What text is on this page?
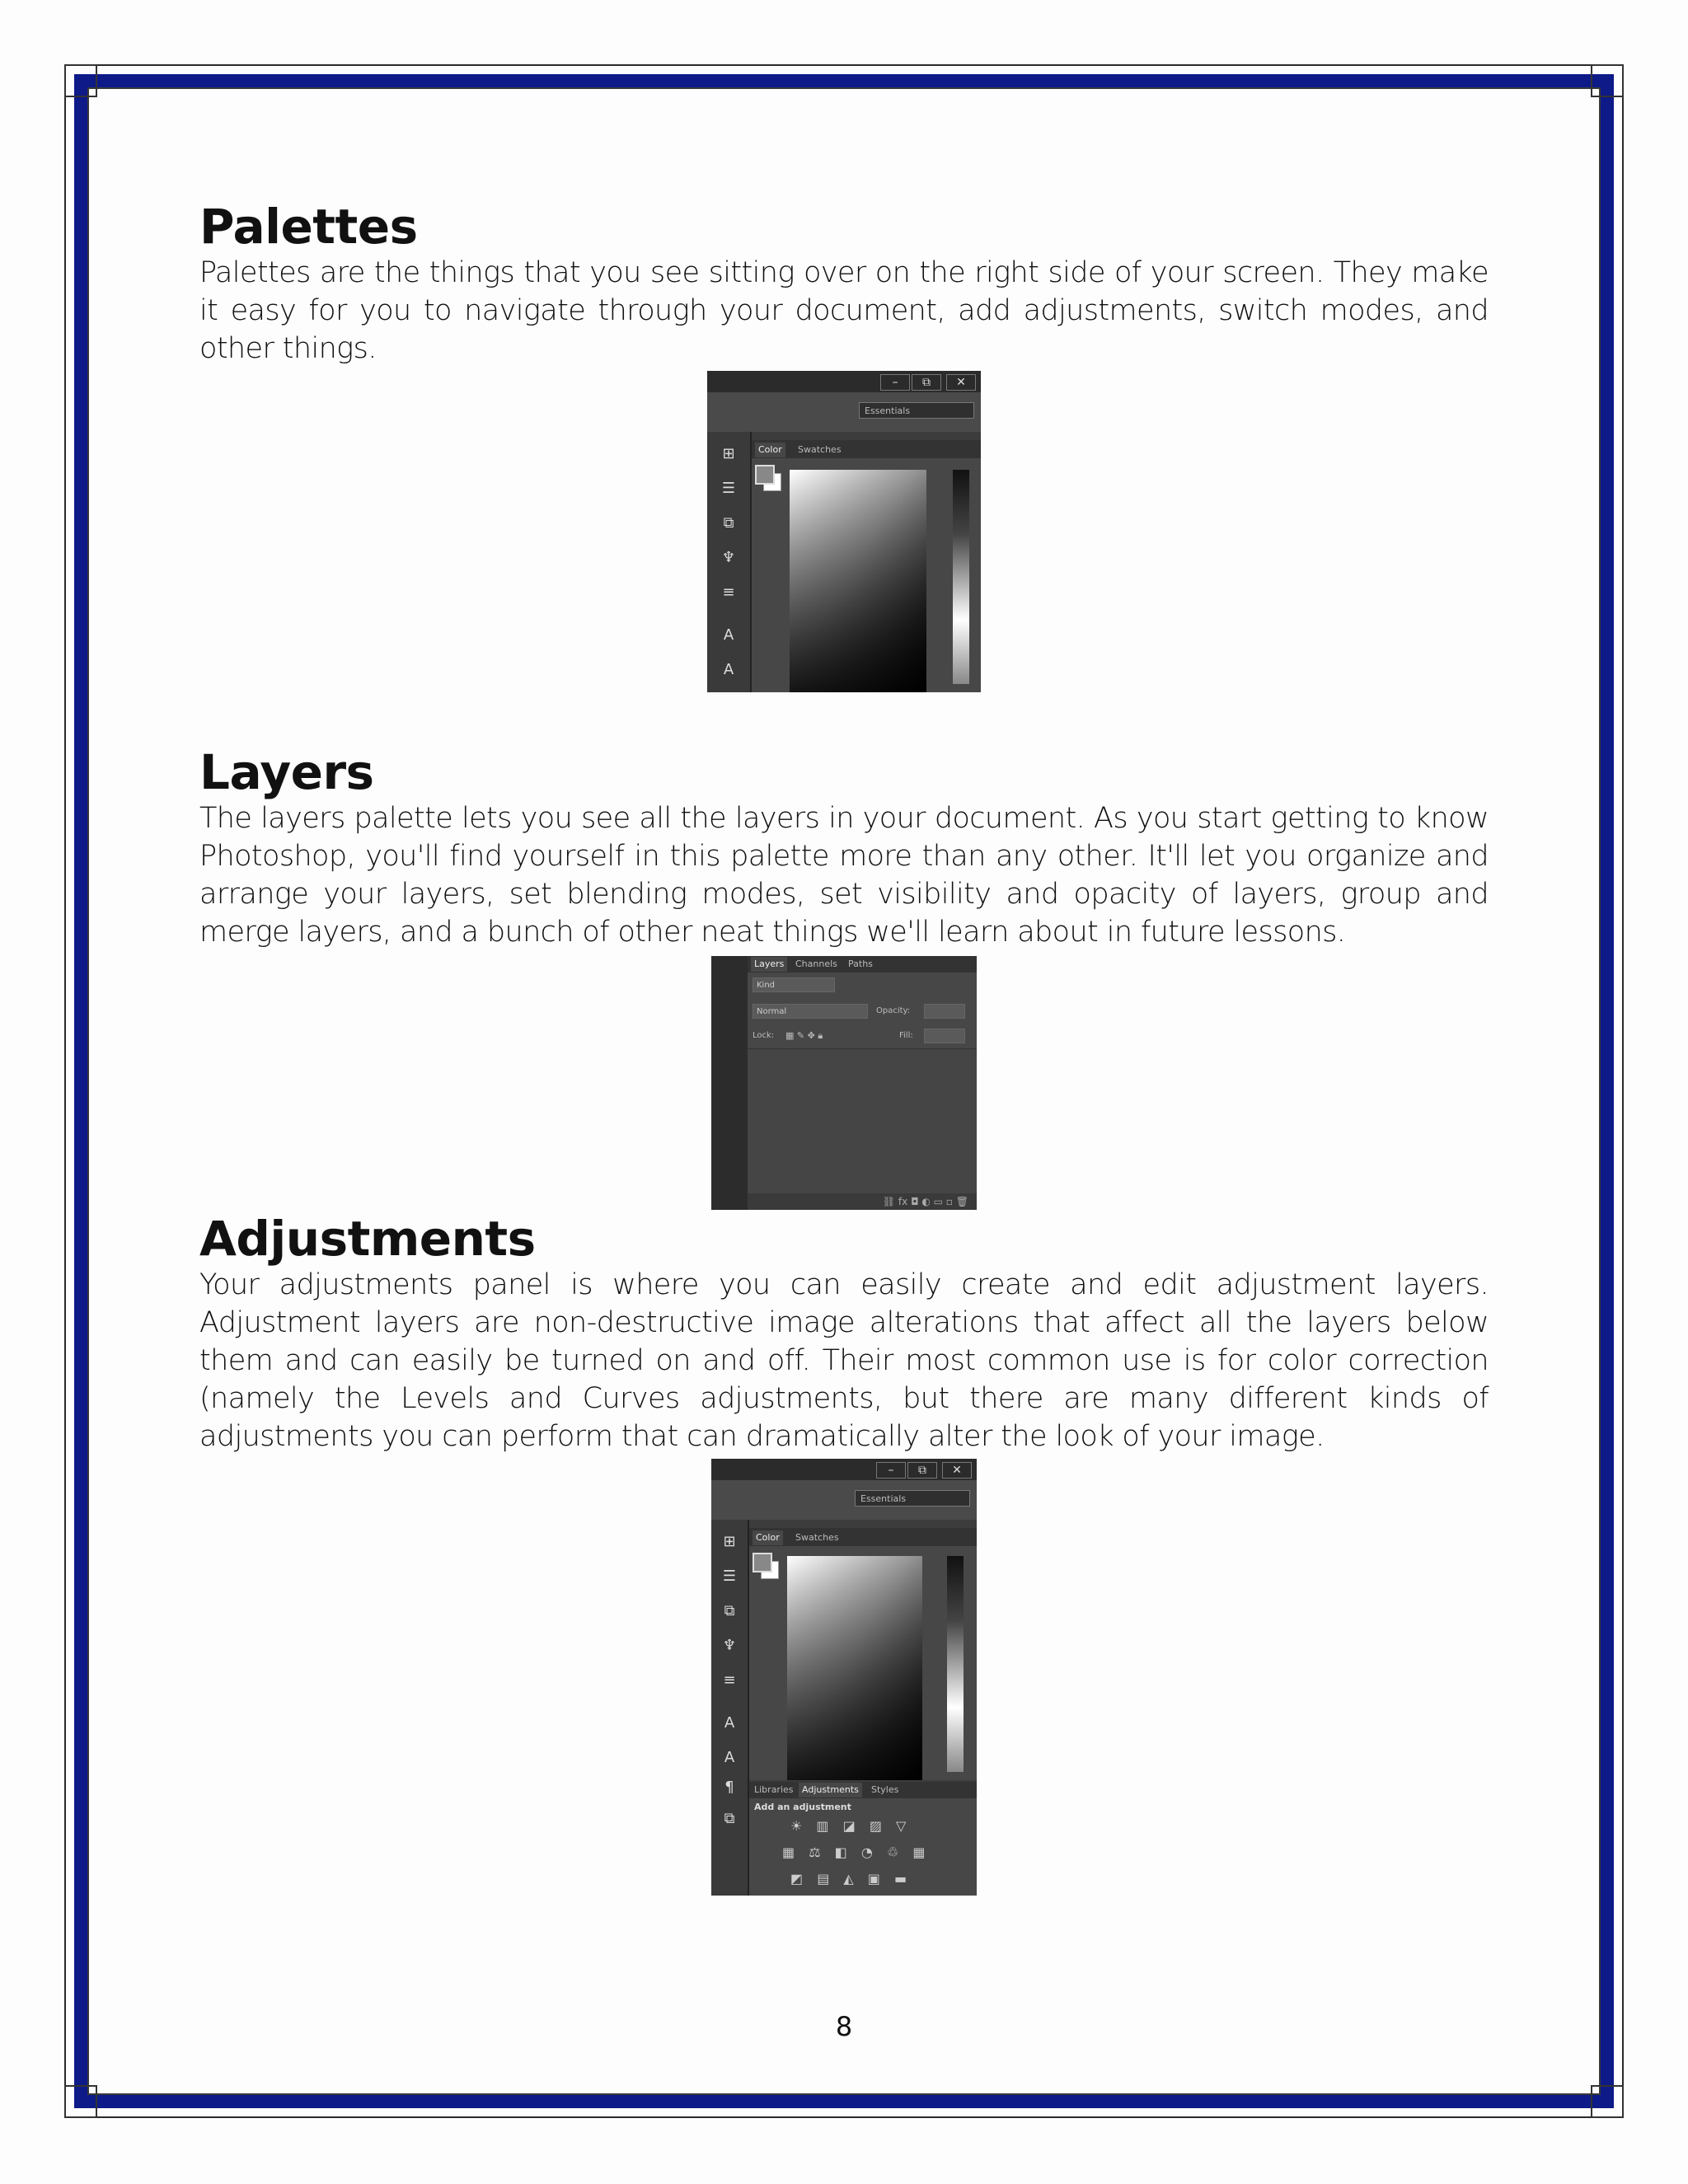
Palettes

Palettes are the things that you see sitting over on the right side of your screen. They make it easy for you to navigate through your document, add adjustments, switch modes, and other things.

–	⧉	✕
Essentials
⊞
☰
⧉
♆
≡
A
A
Color	Swatches
Layers

The layers palette lets you see all the layers in your document. As you start getting to know Photoshop, you'll find yourself in this palette more than any other. It'll let you organize and arrange your layers, set blending modes, set visibility and opacity of layers, group and merge layers, and a bunch of other neat things we'll learn about in future lessons.

Layers	Channels	Paths
Kind
Normal	Opacity:
Lock: ▦ ✎ ✥ 🔒︎	Fill:
⛓ fx ◘ ◐ ▭ ▫ 🗑︎
Adjustments

Your adjustments panel is where you can easily create and edit adjustment layers. Adjustment layers are non-destructive image alterations that affect all the layers below them and can easily be turned on and off. Their most common use is for color correction (namely the Levels and Curves adjustments, but there are many different kinds of adjustments you can perform that can dramatically alter the look of your image.

–	⧉	✕
Essentials
⊞
☰
⧉
♆
≡
A
A
¶
⧉
Color	Swatches
Libraries Adjustments	Styles
Add an adjustment
☀ ▥ ◪ ▨ ▽
▦ ⚖ ◧ ◔ ♲ ▦
◩ ▤ ◭ ▣ ▬
8
